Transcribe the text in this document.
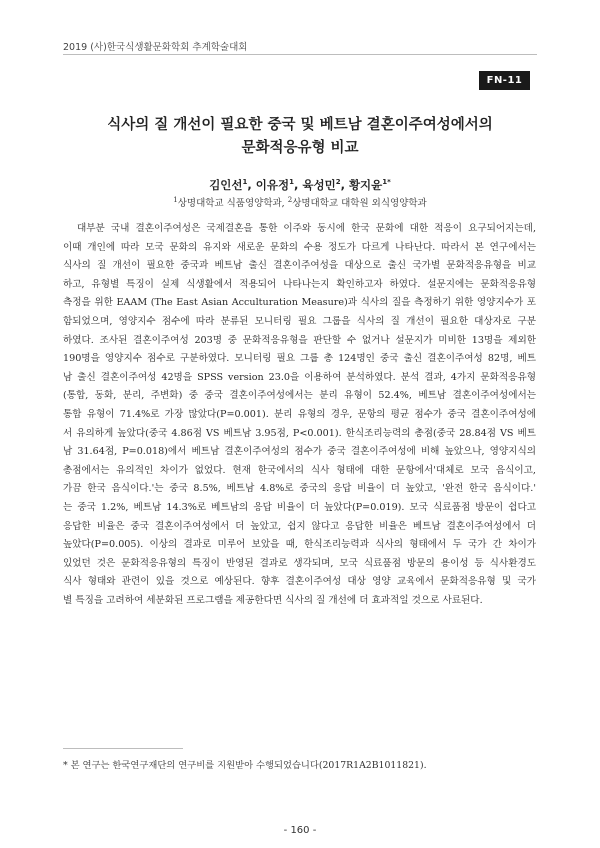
2019 (사)한국식생활문화학회 추계학술대회
FN-11
식사의 질 개선이 필요한 중국 및 베트남 결혼이주여성에서의
문화적응유형 비교
김인선$^1$, 이유정$^1$, 육성민$^2$, 황지윤$^{1*}$
$^1$상명대학교 식품영양학과, $^2$상명대학교 대학원 외식영양학과
대부분 국내 결혼이주여성은 국제결혼을 통한 이주와 동시에 한국 문화에 대한 적응이 요구되어지는데,
이때 개인에 따라 모국 문화의 유지와 새로운 문화의 수용 정도가 다르게 나타난다. 따라서 본 연구에서는
식사의 질 개선이 필요한 중국과 베트남 출신 결혼이주여성을 대상으로 출신 국가별 문화적응유형을 비교
하고, 유형별 특징이 실제 식생활에서 적용되어 나타나는지 확인하고자 하였다. 설문지에는 문화적응유형
측정을 위한 EAAM (The East Asian Acculturation Measure)과 식사의 질을 측정하기 위한 영양지수가 포
함되었으며, 영양지수 점수에 따라 분류된 모니터링 필요 그룹을 식사의 질 개선이 필요한 대상자로 구분
하였다. 조사된 결혼이주여성 203명 중 문화적응유형을 판단할 수 없거나 설문지가 미비한 13명을 제외한
190명을 영양지수 점수로 구분하였다. 모니터링 필요 그룹 총 124명인 중국 출신 결혼이주여성 82명, 베트
남 출신 결혼이주여성 42명을 SPSS version 23.0을 이용하여 분석하였다. 분석 결과, 4가지 문화적응유형
(통합, 동화, 분리, 주변화) 중 중국 결혼이주여성에서는 분리 유형이 52.4%, 베트남 결혼이주여성에서는
통합 유형이 71.4%로 가장 많았다(P=0.001). 분리 유형의 경우, 문항의 평균 점수가 중국 결혼이주여성에
서 유의하게 높았다(중국 4.86점 VS 베트남 3.95점, P<0.001). 한식조리능력의 총점(중국 28.84점 VS 베트
남 31.64점, P=0.018)에서 베트남 결혼이주여성의 점수가 중국 결혼이주여성에 비해 높았으나, 영양지식의
총점에서는 유의적인 차이가 없었다. 현재 한국에서의 식사 형태에 대한 문항에서'대체로 모국 음식이고,
가끔 한국 음식이다.'는 중국 8.5%, 베트남 4.8%로 중국의 응답 비율이 더 높았고, '완전 한국 음식이다.'
는 중국 1.2%, 베트남 14.3%로 베트남의 응답 비율이 더 높았다(P=0.019). 모국 식료품점 방문이 쉽다고
응답한 비율은 중국 결혼이주여성에서 더 높았고, 쉽지 않다고 응답한 비율은 베트남 결혼이주여성에서 더
높았다(P=0.005). 이상의 결과로 미루어 보았을 때, 한식조리능력과 식사의 형태에서 두 국가 간 차이가
있었던 것은 문화적응유형의 특징이 반영된 결과로 생각되며, 모국 식료품점 방문의 용이성 등 식사환경도
식사 형태와 관련이 있을 것으로 예상된다. 향후 결혼이주여성 대상 영양 교육에서 문화적응유형 및 국가
별 특징을 고려하여 세분화된 프로그램을 제공한다면 식사의 질 개선에 더 효과적일 것으로 사료된다.
* 본 연구는 한국연구재단의 연구비를 지원받아 수행되었습니다(2017R1A2B1011821).
- 160 -
